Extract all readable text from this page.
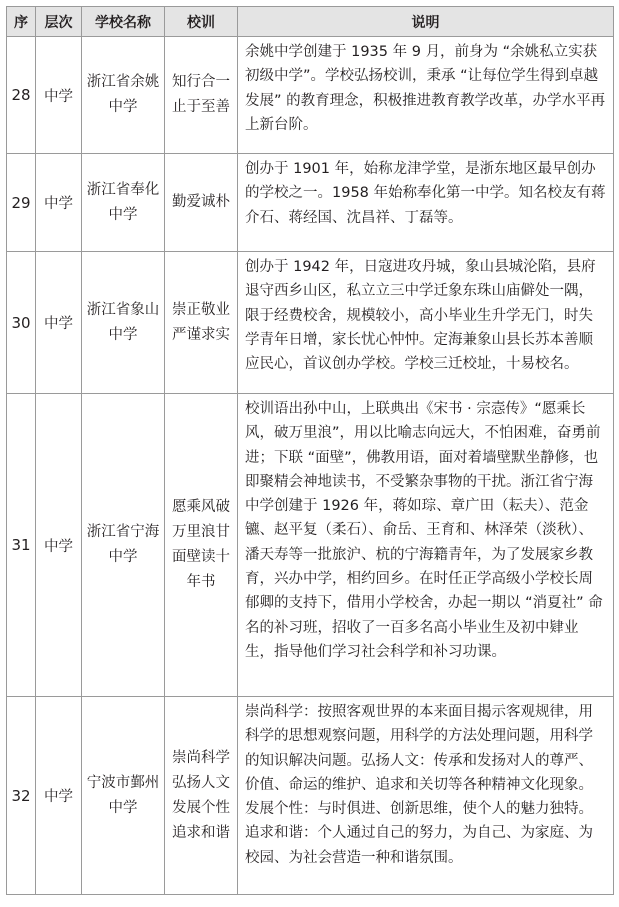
序	层次	学校名称	校训	说明
28	中学	浙江省余姚中学	知行合一止于至善	余姚中学创建于 1935 年 9 月，前身为 “余姚私立实获初级中学”。学校弘扬校训，秉承 “让每位学生得到卓越发展” 的教育理念，积极推进教育教学改革，办学水平再上新台阶。
29	中学	浙江省奉化中学	勤爱诚朴	创办于 1901 年，始称龙津学堂，是浙东地区最早创办的学校之一。1958 年始称奉化第一中学。知名校友有蒋介石、蒋经国、沈昌祥、丁磊等。
30	中学	浙江省象山中学	崇正敬业严谨求实	创办于 1942 年，日寇进攻丹城，象山县城沦陷，县府退守西乡山区，私立立三中学迁象东珠山庙僻处一隅，限于经费校舍，规模较小，高小毕业生升学无门，时失学青年日增，家长忧心忡忡。定海兼象山县长苏本善顺应民心，首议创办学校。学校三迁校址，十易校名。
31	中学	浙江省宁海中学	愿乘风破万里浪甘面壁读十年书	校训语出孙中山，上联典出《宋书 · 宗悫传》“愿乘长风，破万里浪”，用以比喻志向远大，不怕困难，奋勇前进；下联 “面壁”，佛教用语，面对着墙壁默坐静修，也即聚精会神地读书，不受繁杂事物的干扰。浙江省宁海中学创建于 1926 年，蒋如琮、章广田（耘夫）、范金镳、赵平复（柔石）、俞岳、王育和、林泽荣（淡秋）、潘天寿等一批旅沪、杭的宁海籍青年，为了发展家乡教育，兴办中学，相约回乡。在时任正学高级小学校长周郁卿的支持下，借用小学校舍，办起一期以 “消夏社” 命名的补习班，招收了一百多名高小毕业生及初中肄业生，指导他们学习社会科学和补习功课。
32	中学	宁波市鄞州中学	崇尚科学弘扬人文发展个性追求和谐	崇尚科学：按照客观世界的本来面目揭示客观规律，用科学的思想观察问题，用科学的方法处理问题，用科学的知识解决问题。弘扬人文：传承和发扬对人的尊严、价值、命运的维护、追求和关切等各种精神文化现象。发展个性：与时俱进、创新思维，使个人的魅力独特。追求和谐：个人通过自己的努力，为自己、为家庭、为校园、为社会营造一种和谐氛围。
